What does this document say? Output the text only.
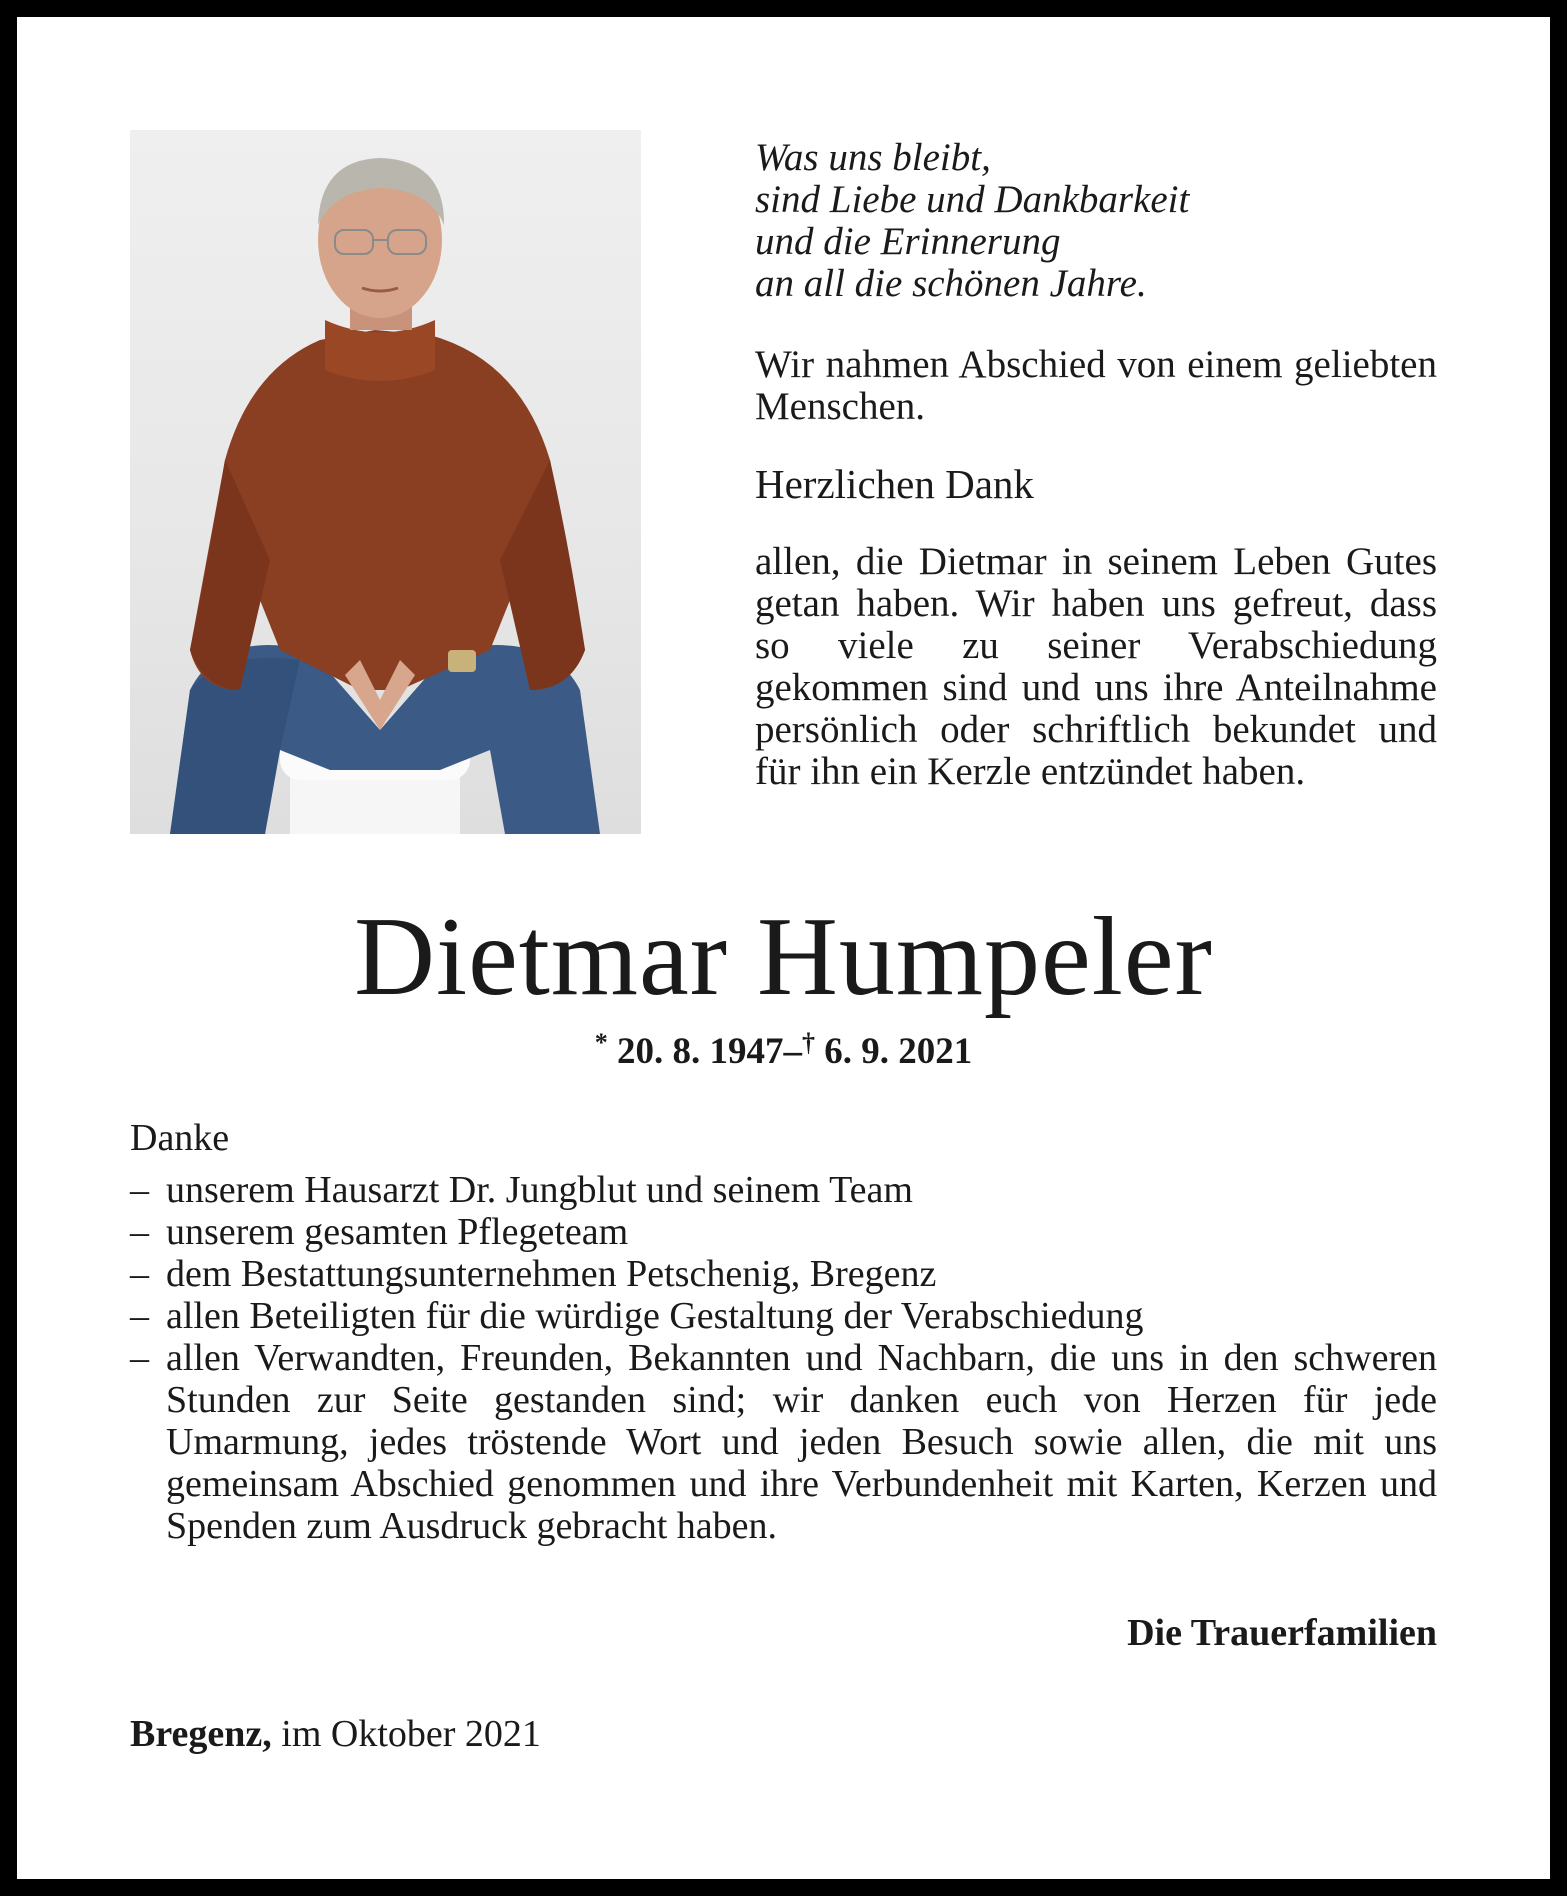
Was uns bleibt,
sind Liebe und Dankbarkeit
und die Erinnerung
an all die schönen Jahre.

Wir nahmen Abschied von einem geliebten Menschen.

Herzlichen Dank

allen, die Dietmar in seinem Leben Gutes getan haben. Wir haben uns gefreut, dass so viele zu seiner Verabschiedung gekommen sind und uns ihre Anteilnahme persönlich oder schriftlich bekundet und für ihn ein Kerzle entzündet haben.

Dietmar Humpeler
* 20. 8. 1947–† 6. 9. 2021
Danke
– unserem Hausarzt Dr. Jungblut und seinem Team
– unserem gesamten Pflegeteam
– dem Bestattungsunternehmen Petschenig, Bregenz
– allen Beteiligten für die würdige Gestaltung der Verabschiedung
– allen Verwandten, Freunden, Bekannten und Nachbarn, die uns in den schweren Stunden zur Seite gestanden sind; wir danken euch von Herzen für jede Umarmung, jedes tröstende Wort und jeden Besuch sowie allen, die mit uns gemeinsam Abschied genommen und ihre Verbundenheit mit Karten, Kerzen und Spenden zum Ausdruck gebracht haben.
Die Trauerfamilien
Bregenz, im Oktober 2021
